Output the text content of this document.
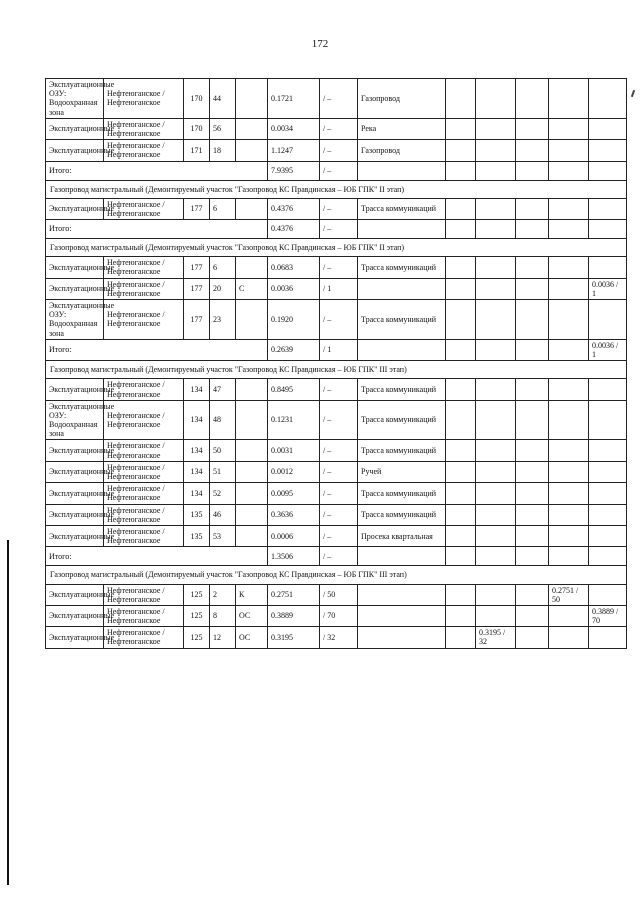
172
Эксплуатационные ОЗУ: Водоохранная зона	Нефтеюганское / Нефтеюганское	170	44		0.1721	/ –	Газопровод					
Эксплуатационные	Нефтеюганское / Нефтеюганское	170	56		0.0034	/ –	Река					
Эксплуатационные	Нефтеюганское / Нефтеюганское	171	18		1.1247	/ –	Газопровод					
Итого:					7.9395	/ –						
Газопровод магистральный (Демонтируемый участок "Газопровод КС Правдинская – ЮБ ГПК" II этап)												
Эксплуатационные	Нефтеюганское / Нефтеюганское	177	6		0.4376	/ –	Трасса коммуникаций					
Итого:					0.4376	/ –						
Газопровод магистральный (Демонтируемый участок "Газопровод КС Правдинская – ЮБ ГПК" II этап)												
Эксплуатационные	Нефтеюганское / Нефтеюганское	177	6		0.0683	/ –	Трасса коммуникаций					
Эксплуатационные	Нефтеюганское / Нефтеюганское	177	20	С	0.0036	/ 1						0.0036 / 1
Эксплуатационные ОЗУ: Водоохранная зона	Нефтеюганское / Нефтеюганское	177	23		0.1920	/ –	Трасса коммуникаций					
Итого:					0.2639	/ 1						0.0036 / 1
Газопровод магистральный (Демонтируемый участок "Газопровод КС Правдинская – ЮБ ГПК" III этап)												
Эксплуатационные	Нефтеюганское / Нефтеюганское	134	47		0.8495	/ –	Трасса коммуникаций					
Эксплуатационные ОЗУ: Водоохранная зона	Нефтеюганское / Нефтеюганское	134	48		0.1231	/ –	Трасса коммуникаций					
Эксплуатационные	Нефтеюганское / Нефтеюганское	134	50		0.0031	/ –	Трасса коммуникаций					
Эксплуатационные	Нефтеюганское / Нефтеюганское	134	51		0.0012	/ –	Ручей					
Эксплуатационные	Нефтеюганское / Нефтеюганское	134	52		0.0095	/ –	Трасса коммуникаций					
Эксплуатационные	Нефтеюганское / Нефтеюганское	135	46		0.3636	/ –	Трасса коммуникаций					
Эксплуатационные	Нефтеюганское / Нефтеюганское	135	53		0.0006	/ –	Просека квартальная					
Итого:					1.3506	/ –						
Газопровод магистральный (Демонтируемый участок "Газопровод КС Правдинская – ЮБ ГПК" III этап)												
Эксплуатационные	Нефтеюганское / Нефтеюганское	125	2	К	0.2751	/ 50					0.2751 / 50	
Эксплуатационные	Нефтеюганское / Нефтеюганское	125	8	ОС	0.3889	/ 70						0.3889 / 70
Эксплуатационные	Нефтеюганское / Нефтеюганское	125	12	ОС	0.3195	/ 32			0.3195 / 32			
